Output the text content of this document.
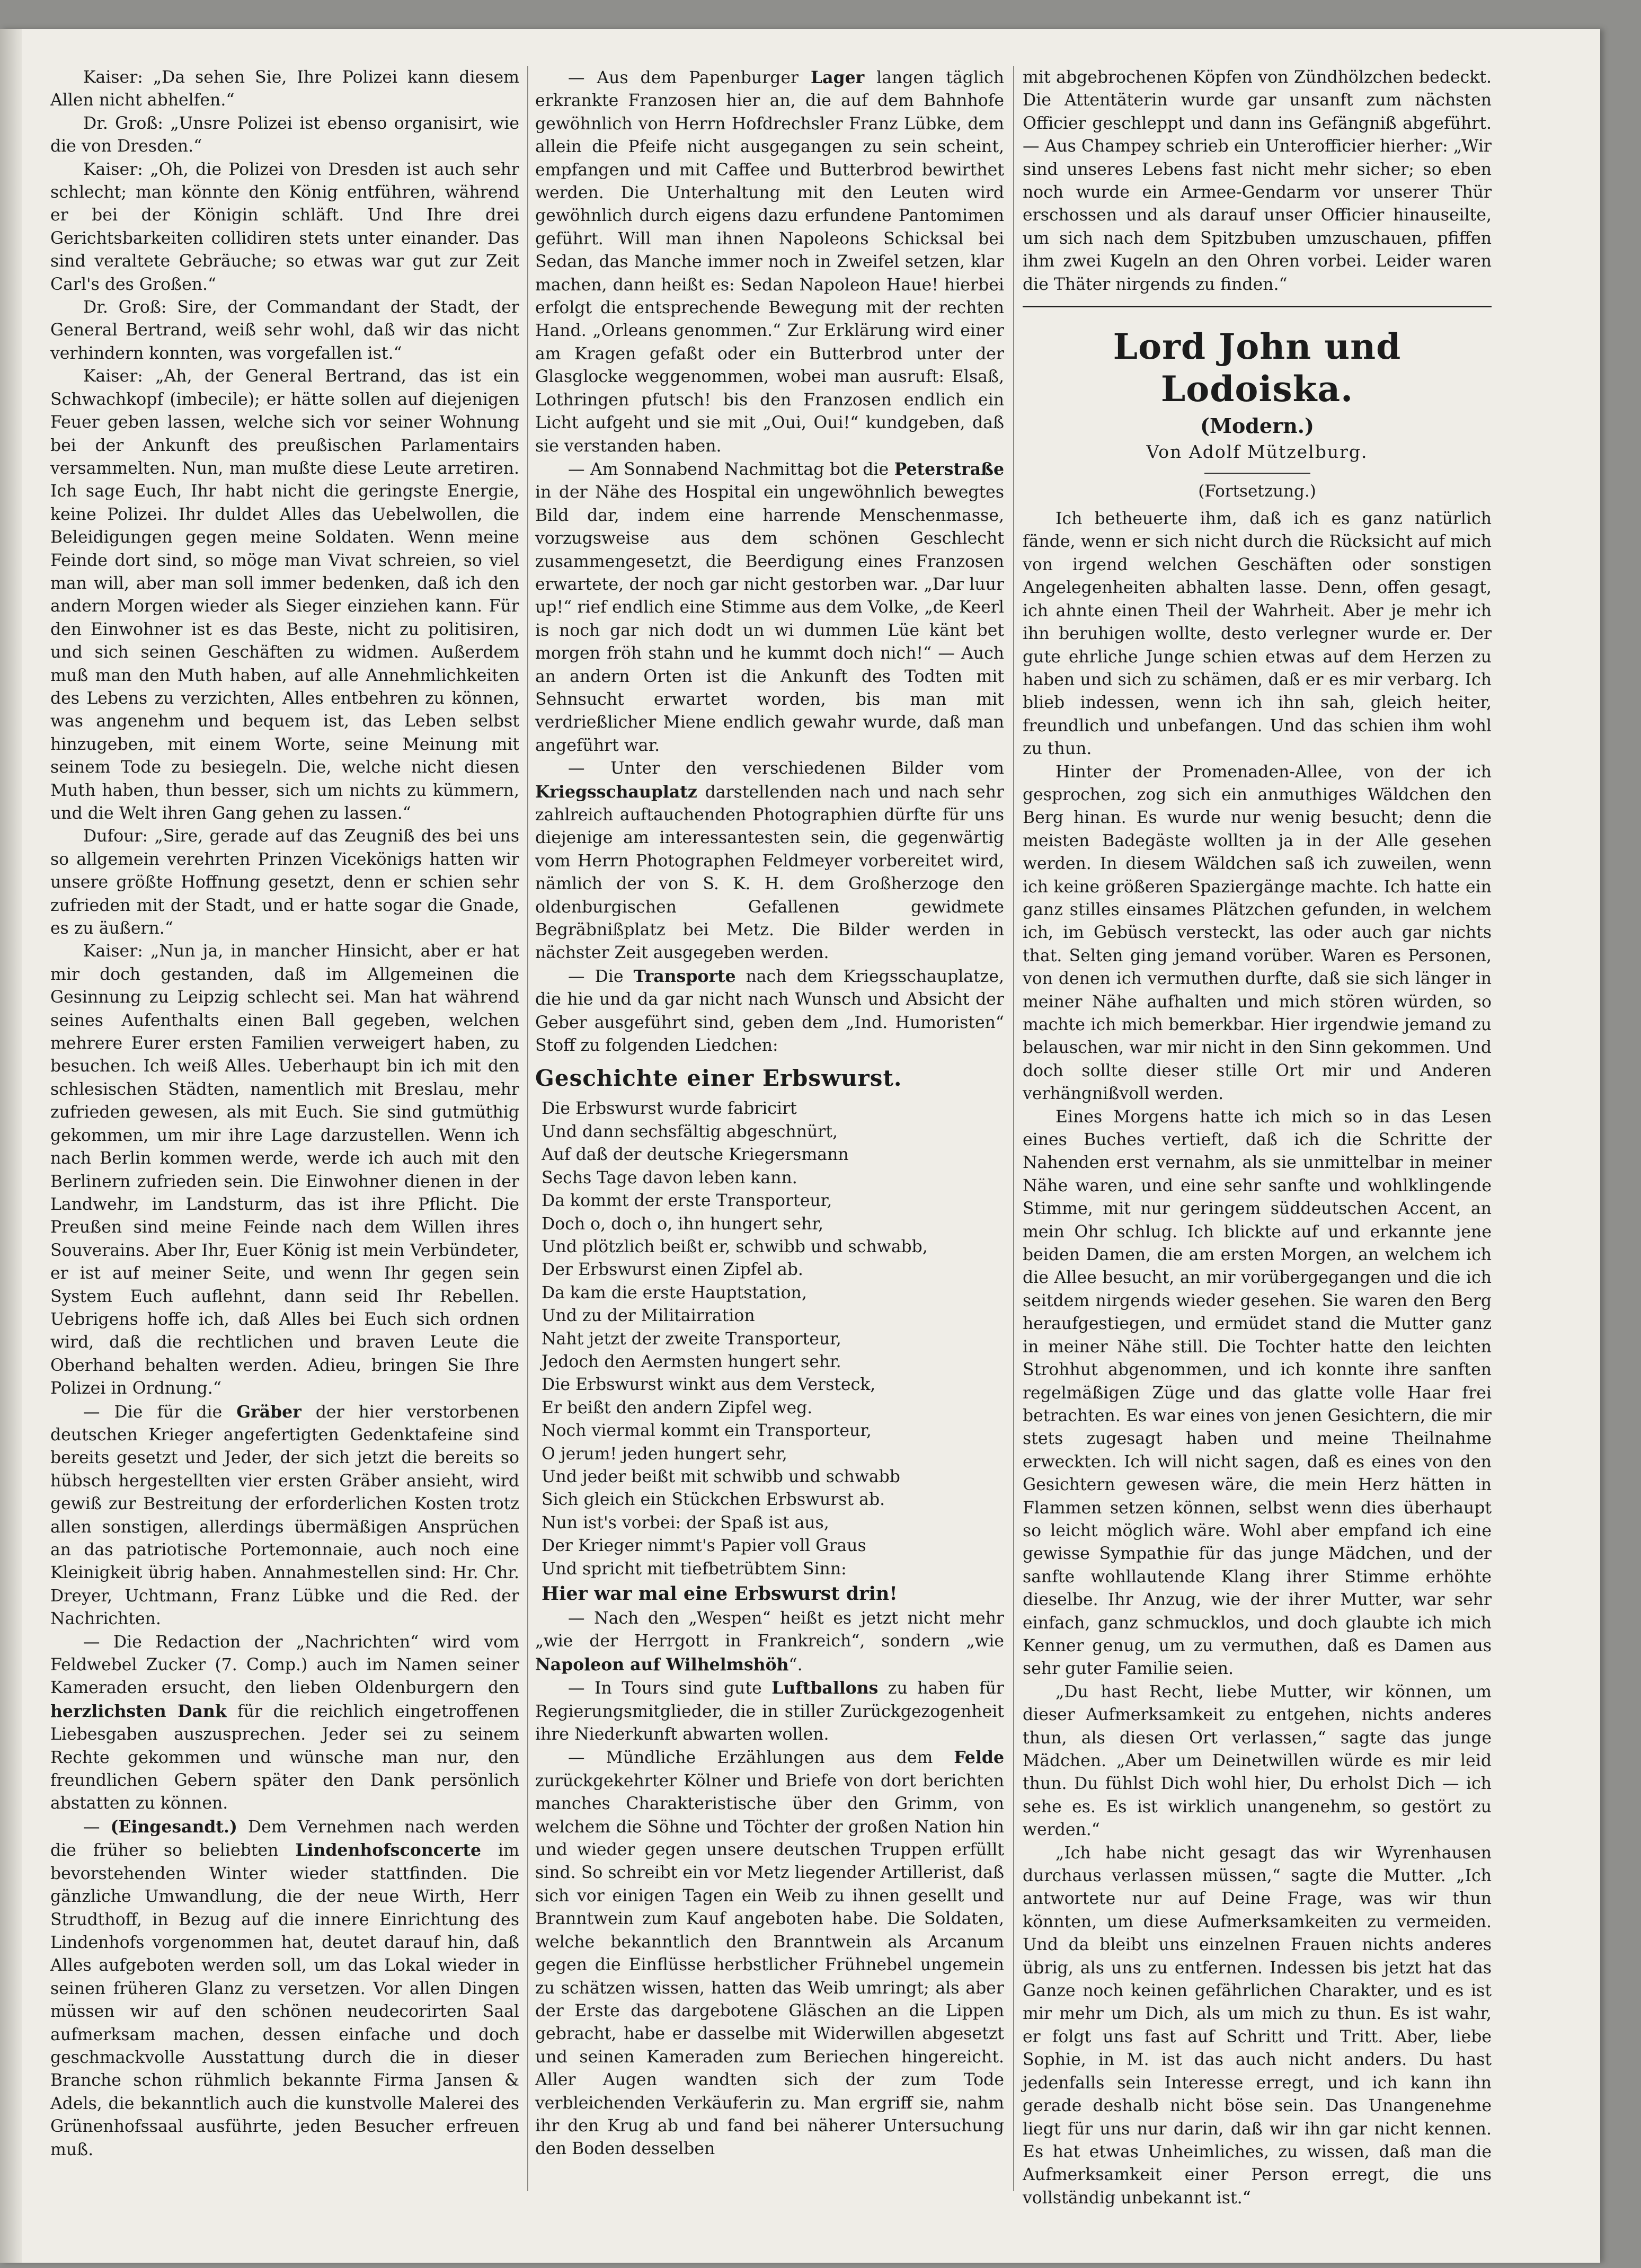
Kaiser: „Da sehen Sie, Ihre Polizei kann diesem Allen nicht abhelfen.“

Dr. Groß: „Unsre Polizei ist ebenso organisirt, wie die von Dresden.“

Kaiser: „Oh, die Polizei von Dresden ist auch sehr schlecht; man könnte den König entführen, während er bei der Königin schläft. Und Ihre drei Gerichtsbarkeiten collidiren stets unter einander. Das sind veraltete Gebräuche; so etwas war gut zur Zeit Carl's des Großen.“

Dr. Groß: Sire, der Commandant der Stadt, der General Bertrand, weiß sehr wohl, daß wir das nicht verhindern konnten, was vorgefallen ist.“

Kaiser: „Ah, der General Bertrand, das ist ein Schwachkopf (imbecile); er hätte sollen auf diejenigen Feuer geben lassen, welche sich vor seiner Wohnung bei der Ankunft des preußischen Parlamentairs versammelten. Nun, man mußte diese Leute arretiren. Ich sage Euch, Ihr habt nicht die geringste Energie, keine Polizei. Ihr duldet Alles das Uebelwollen, die Beleidigungen gegen meine Soldaten. Wenn meine Feinde dort sind, so möge man Vivat schreien, so viel man will, aber man soll immer bedenken, daß ich den andern Morgen wieder als Sieger einziehen kann. Für den Einwohner ist es das Beste, nicht zu politisiren, und sich seinen Geschäften zu widmen. Außerdem muß man den Muth haben, auf alle Annehmlichkeiten des Lebens zu verzichten, Alles entbehren zu können, was angenehm und bequem ist, das Leben selbst hinzugeben, mit einem Worte, seine Meinung mit seinem Tode zu besiegeln. Die, welche nicht diesen Muth haben, thun besser, sich um nichts zu kümmern, und die Welt ihren Gang gehen zu lassen.“

Dufour: „Sire, gerade auf das Zeugniß des bei uns so allgemein verehrten Prinzen Vicekönigs hatten wir unsere größte Hoffnung gesetzt, denn er schien sehr zufrieden mit der Stadt, und er hatte sogar die Gnade, es zu äußern.“

Kaiser: „Nun ja, in mancher Hinsicht, aber er hat mir doch gestanden, daß im Allgemeinen die Gesinnung zu Leipzig schlecht sei. Man hat während seines Aufenthalts einen Ball gegeben, welchen mehrere Eurer ersten Familien verweigert haben, zu besuchen. Ich weiß Alles. Ueberhaupt bin ich mit den schlesischen Städten, namentlich mit Breslau, mehr zufrieden gewesen, als mit Euch. Sie sind gutmüthig gekommen, um mir ihre Lage darzustellen. Wenn ich nach Berlin kommen werde, werde ich auch mit den Berlinern zufrieden sein. Die Einwohner dienen in der Landwehr, im Landsturm, das ist ihre Pflicht. Die Preußen sind meine Feinde nach dem Willen ihres Souverains. Aber Ihr, Euer König ist mein Verbündeter, er ist auf meiner Seite, und wenn Ihr gegen sein System Euch auflehnt, dann seid Ihr Rebellen. Uebrigens hoffe ich, daß Alles bei Euch sich ordnen wird, daß die rechtlichen und braven Leute die Oberhand behalten werden. Adieu, bringen Sie Ihre Polizei in Ordnung.“

— Die für die Gräber der hier verstorbenen deutschen Krieger angefertigten Gedenktafeine sind bereits gesetzt und Jeder, der sich jetzt die bereits so hübsch hergestellten vier ersten Gräber ansieht, wird gewiß zur Bestreitung der erforderlichen Kosten trotz allen sonstigen, allerdings übermäßigen Ansprüchen an das patriotische Portemonnaie, auch noch eine Kleinigkeit übrig haben. Annahmestellen sind: Hr. Chr. Dreyer, Uchtmann, Franz Lübke und die Red. der Nachrichten.

— Die Redaction der „Nachrichten“ wird vom Feldwebel Zucker (7. Comp.) auch im Namen seiner Kameraden ersucht, den lieben Oldenburgern den herzlichsten Dank für die reichlich eingetroffenen Liebesgaben auszusprechen. Jeder sei zu seinem Rechte gekommen und wünsche man nur, den freundlichen Gebern später den Dank persönlich abstatten zu können.

— (Eingesandt.) Dem Vernehmen nach werden die früher so beliebten Lindenhofsconcerte im bevorstehenden Winter wieder stattfinden. Die gänzliche Umwandlung, die der neue Wirth, Herr Strudthoff, in Bezug auf die innere Einrichtung des Lindenhofs vorgenommen hat, deutet darauf hin, daß Alles aufgeboten werden soll, um das Lokal wieder in seinen früheren Glanz zu versetzen. Vor allen Dingen müssen wir auf den schönen neudecorirten Saal aufmerksam machen, dessen einfache und doch geschmackvolle Ausstattung durch die in dieser Branche schon rühmlich bekannte Firma Jansen & Adels, die bekanntlich auch die kunstvolle Malerei des Grünenhofssaal ausführte, jeden Besucher erfreuen muß.

— Aus dem Papenburger Lager langen täglich erkrankte Franzosen hier an, die auf dem Bahnhofe gewöhnlich von Herrn Hofdrechsler Franz Lübke, dem allein die Pfeife nicht ausgegangen zu sein scheint, empfangen und mit Caffee und Butterbrod bewirthet werden. Die Unterhaltung mit den Leuten wird gewöhnlich durch eigens dazu erfundene Pantomimen geführt. Will man ihnen Napoleons Schicksal bei Sedan, das Manche immer noch in Zweifel setzen, klar machen, dann heißt es: Sedan Napoleon Haue! hierbei erfolgt die entsprechende Bewegung mit der rechten Hand. „Orleans genommen.“ Zur Erklärung wird einer am Kragen gefaßt oder ein Butterbrod unter der Glasglocke weggenommen, wobei man ausruft: Elsaß, Lothringen pfutsch! bis den Franzosen endlich ein Licht aufgeht und sie mit „Oui, Oui!“ kundgeben, daß sie verstanden haben.

— Am Sonnabend Nachmittag bot die Peterstraße in der Nähe des Hospital ein ungewöhnlich bewegtes Bild dar, indem eine harrende Menschenmasse, vorzugsweise aus dem schönen Geschlecht zusammengesetzt, die Beerdigung eines Franzosen erwartete, der noch gar nicht gestorben war. „Dar luur up!“ rief endlich eine Stimme aus dem Volke, „de Keerl is noch gar nich dodt un wi dummen Lüe känt bet morgen fröh stahn und he kummt doch nich!“ — Auch an andern Orten ist die Ankunft des Todten mit Sehnsucht erwartet worden, bis man mit verdrießlicher Miene endlich gewahr wurde, daß man angeführt war.

— Unter den verschiedenen Bilder vom Kriegsschauplatz darstellenden nach und nach sehr zahlreich auftauchenden Photographien dürfte für uns diejenige am interessantesten sein, die gegenwärtig vom Herrn Photographen Feldmeyer vorbereitet wird, nämlich der von S. K. H. dem Großherzoge den oldenburgischen Gefallenen gewidmete Begräbnißplatz bei Metz. Die Bilder werden in nächster Zeit ausgegeben werden.

— Die Transporte nach dem Kriegsschauplatze, die hie und da gar nicht nach Wunsch und Absicht der Geber ausgeführt sind, geben dem „Ind. Humoristen“ Stoff zu folgenden Liedchen:

Geschichte einer Erbswurst.
Die Erbswurst wurde fabricirt
Und dann sechsfältig abgeschnürt,
Auf daß der deutsche Kriegersmann
Sechs Tage davon leben kann.
Da kommt der erste Transporteur,
Doch o, doch o, ihn hungert sehr,
Und plötzlich beißt er, schwibb und schwabb,
Der Erbswurst einen Zipfel ab.
Da kam die erste Hauptstation,
Und zu der Militairration
Naht jetzt der zweite Transporteur,
Jedoch den Aermsten hungert sehr.
Die Erbswurst winkt aus dem Versteck,
Er beißt den andern Zipfel weg.
Noch viermal kommt ein Transporteur,
O jerum! jeden hungert sehr,
Und jeder beißt mit schwibb und schwabb
Sich gleich ein Stückchen Erbswurst ab.
Nun ist's vorbei: der Spaß ist aus,
Der Krieger nimmt's Papier voll Graus
Und spricht mit tiefbetrübtem Sinn:
Hier war mal eine Erbswurst drin!

— Nach den „Wespen“ heißt es jetzt nicht mehr „wie der Herrgott in Frankreich“, sondern „wie Napoleon auf Wilhelmshöh“.

— In Tours sind gute Luftballons zu haben für Regierungsmitglieder, die in stiller Zurückgezogenheit ihre Niederkunft abwarten wollen.

— Mündliche Erzählungen aus dem Felde zurückgekehrter Kölner und Briefe von dort berichten manches Charakteristische über den Grimm, von welchem die Söhne und Töchter der großen Nation hin und wieder gegen unsere deutschen Truppen erfüllt sind. So schreibt ein vor Metz liegender Artillerist, daß sich vor einigen Tagen ein Weib zu ihnen gesellt und Branntwein zum Kauf angeboten habe. Die Soldaten, welche bekanntlich den Branntwein als Arcanum gegen die Einflüsse herbstlicher Frühnebel ungemein zu schätzen wissen, hatten das Weib umringt; als aber der Erste das dargebotene Gläschen an die Lippen gebracht, habe er dasselbe mit Widerwillen abgesetzt und seinen Kameraden zum Beriechen hingereicht. Aller Augen wandten sich der zum Tode verbleichenden Verkäuferin zu. Man ergriff sie, nahm ihr den Krug ab und fand bei näherer Untersuchung den Boden desselben

mit abgebrochenen Köpfen von Zündhölzchen bedeckt. Die Attentäterin wurde gar unsanft zum nächsten Officier geschleppt und dann ins Gefängniß abgeführt. — Aus Champey schrieb ein Unterofficier hierher: „Wir sind unseres Lebens fast nicht mehr sicher; so eben noch wurde ein Armee-Gendarm vor unserer Thür erschossen und als darauf unser Officier hinauseilte, um sich nach dem Spitzbuben umzuschauen, pfiffen ihm zwei Kugeln an den Ohren vorbei. Leider waren die Thäter nirgends zu finden.“

Lord John und Lodoiska.
(Modern.)
Von Adolf Mützelburg.
(Fortsetzung.)

Ich betheuerte ihm, daß ich es ganz natürlich fände, wenn er sich nicht durch die Rücksicht auf mich von irgend welchen Geschäften oder sonstigen Angelegenheiten abhalten lasse. Denn, offen gesagt, ich ahnte einen Theil der Wahrheit. Aber je mehr ich ihn beruhigen wollte, desto verlegner wurde er. Der gute ehrliche Junge schien etwas auf dem Herzen zu haben und sich zu schämen, daß er es mir verbarg. Ich blieb indessen, wenn ich ihn sah, gleich heiter, freundlich und unbefangen. Und das schien ihm wohl zu thun.

Hinter der Promenaden-Allee, von der ich gesprochen, zog sich ein anmuthiges Wäldchen den Berg hinan. Es wurde nur wenig besucht; denn die meisten Badegäste wollten ja in der Alle gesehen werden. In diesem Wäldchen saß ich zuweilen, wenn ich keine größeren Spaziergänge machte. Ich hatte ein ganz stilles einsames Plätzchen gefunden, in welchem ich, im Gebüsch versteckt, las oder auch gar nichts that. Selten ging jemand vorüber. Waren es Personen, von denen ich vermuthen durfte, daß sie sich länger in meiner Nähe aufhalten und mich stören würden, so machte ich mich bemerkbar. Hier irgendwie jemand zu belauschen, war mir nicht in den Sinn gekommen. Und doch sollte dieser stille Ort mir und Anderen verhängnißvoll werden.

Eines Morgens hatte ich mich so in das Lesen eines Buches vertieft, daß ich die Schritte der Nahenden erst vernahm, als sie unmittelbar in meiner Nähe waren, und eine sehr sanfte und wohlklingende Stimme, mit nur geringem süddeutschen Accent, an mein Ohr schlug. Ich blickte auf und erkannte jene beiden Damen, die am ersten Morgen, an welchem ich die Allee besucht, an mir vorübergegangen und die ich seitdem nirgends wieder gesehen. Sie waren den Berg heraufgestiegen, und ermüdet stand die Mutter ganz in meiner Nähe still. Die Tochter hatte den leichten Strohhut abgenommen, und ich konnte ihre sanften regelmäßigen Züge und das glatte volle Haar frei betrachten. Es war eines von jenen Gesichtern, die mir stets zugesagt haben und meine Theilnahme erweckten. Ich will nicht sagen, daß es eines von den Gesichtern gewesen wäre, die mein Herz hätten in Flammen setzen können, selbst wenn dies überhaupt so leicht möglich wäre. Wohl aber empfand ich eine gewisse Sympathie für das junge Mädchen, und der sanfte wohllautende Klang ihrer Stimme erhöhte dieselbe. Ihr Anzug, wie der ihrer Mutter, war sehr einfach, ganz schmucklos, und doch glaubte ich mich Kenner genug, um zu vermuthen, daß es Damen aus sehr guter Familie seien.

„Du hast Recht, liebe Mutter, wir können, um dieser Aufmerksamkeit zu entgehen, nichts anderes thun, als diesen Ort verlassen,“ sagte das junge Mädchen. „Aber um Deinetwillen würde es mir leid thun. Du fühlst Dich wohl hier, Du erholst Dich — ich sehe es. Es ist wirklich unangenehm, so gestört zu werden.“

„Ich habe nicht gesagt das wir Wyrenhausen durchaus verlassen müssen,“ sagte die Mutter. „Ich antwortete nur auf Deine Frage, was wir thun könnten, um diese Aufmerksamkeiten zu vermeiden. Und da bleibt uns einzelnen Frauen nichts anderes übrig, als uns zu entfernen. Indessen bis jetzt hat das Ganze noch keinen gefährlichen Charakter, und es ist mir mehr um Dich, als um mich zu thun. Es ist wahr, er folgt uns fast auf Schritt und Tritt. Aber, liebe Sophie, in M. ist das auch nicht anders. Du hast jedenfalls sein Interesse erregt, und ich kann ihn gerade deshalb nicht böse sein. Das Unangenehme liegt für uns nur darin, daß wir ihn gar nicht kennen. Es hat etwas Unheimliches, zu wissen, daß man die Aufmerksamkeit einer Person erregt, die uns vollständig unbekannt ist.“
